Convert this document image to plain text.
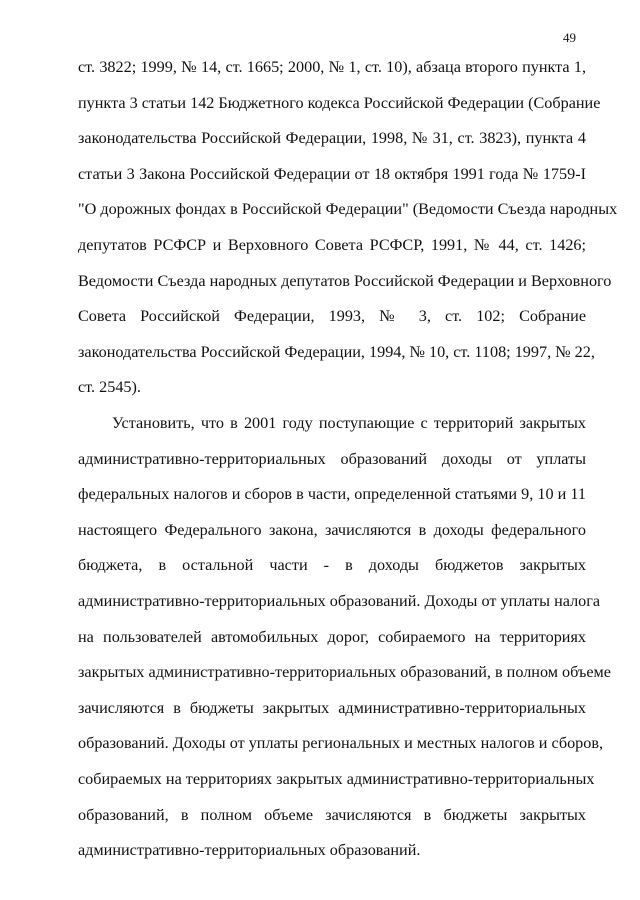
49
ст. 3822; 1999, № 14, ст. 1665; 2000, № 1, ст. 10), абзаца второго пункта 1,
пункта 3 статьи 142 Бюджетного кодекса Российской Федерации (Собрание
законодательства Российской Федерации, 1998, № 31, ст. 3823), пункта 4
статьи 3 Закона Российской Федерации от 18 октября 1991 года № 1759-I
"О дорожных фондах в Российской Федерации" (Ведомости Съезда народных
депутатов РСФСР и Верховного Совета РСФСР, 1991, № 44, ст. 1426;
Ведомости Съезда народных депутатов Российской Федерации и Верховного
Совета Российской Федерации, 1993, № 3, ст. 102; Собрание
законодательства Российской Федерации, 1994, № 10, ст. 1108; 1997, № 22,
ст. 2545).
Установить, что в 2001 году поступающие с территорий закрытых
административно-территориальных образований доходы от уплаты
федеральных налогов и сборов в части, определенной статьями 9, 10 и 11
настоящего Федерального закона, зачисляются в доходы федерального
бюджета, в остальной части - в доходы бюджетов закрытых
административно-территориальных образований. Доходы от уплаты налога
на пользователей автомобильных дорог, собираемого на территориях
закрытых административно-территориальных образований, в полном объеме
зачисляются в бюджеты закрытых административно-территориальных
образований. Доходы от уплаты региональных и местных налогов и сборов,
собираемых на территориях закрытых административно-территориальных
образований, в полном объеме зачисляются в бюджеты закрытых
административно-территориальных образований.
